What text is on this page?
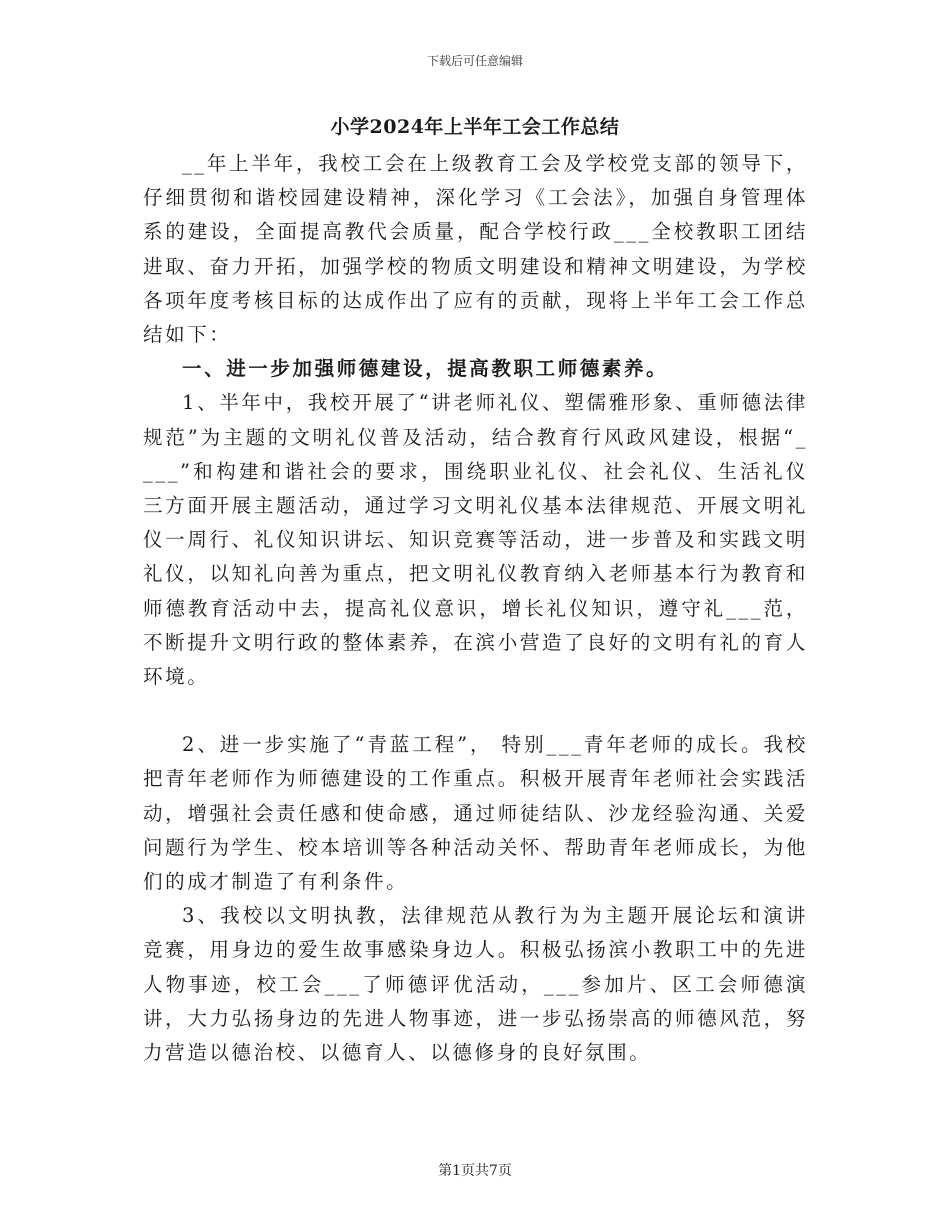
下载后可任意编辑
小学2024年上半年工会工作总结

__年上半年，我校工会在上级教育工会及学校党支部的领导下，仔细贯彻和谐校园建设精神，深化学习《工会法》，加强自身管理体系的建设，全面提高教代会质量，配合学校行政___全校教职工团结进取、奋力开拓，加强学校的物质文明建设和精神文明建设，为学校各项年度考核目标的达成作出了应有的贡献，现将上半年工会工作总结如下：

一、进一步加强师德建设，提高教职工师德素养。

1、半年中，我校开展了“讲老师礼仪、塑儒雅形象、重师德法律规范”为主题的文明礼仪普及活动，结合教育行风政风建设，根据“____”和构建和谐社会的要求，围绕职业礼仪、社会礼仪、生活礼仪三方面开展主题活动，通过学习文明礼仪基本法律规范、开展文明礼仪一周行、礼仪知识讲坛、知识竞赛等活动，进一步普及和实践文明礼仪，以知礼向善为重点，把文明礼仪教育纳入老师基本行为教育和师德教育活动中去，提高礼仪意识，增长礼仪知识，遵守礼___范，不断提升文明行政的整体素养，在滨小营造了良好的文明有礼的育人环境。

2、进一步实施了“青蓝工程”， 特别___青年老师的成长。我校把青年老师作为师德建设的工作重点。积极开展青年老师社会实践活动，增强社会责任感和使命感，通过师徒结队、沙龙经验沟通、关爱问题行为学生、校本培训等各种活动关怀、帮助青年老师成长，为他们的成才制造了有利条件。

3、我校以文明执教，法律规范从教行为为主题开展论坛和演讲竞赛，用身边的爱生故事感染身边人。积极弘扬滨小教职工中的先进人物事迹，校工会___了师德评优活动，___参加片、区工会师德演讲，大力弘扬身边的先进人物事迹，进一步弘扬崇高的师德风范，努力营造以德治校、以德育人、以德修身的良好氛围。

第1页共7页
